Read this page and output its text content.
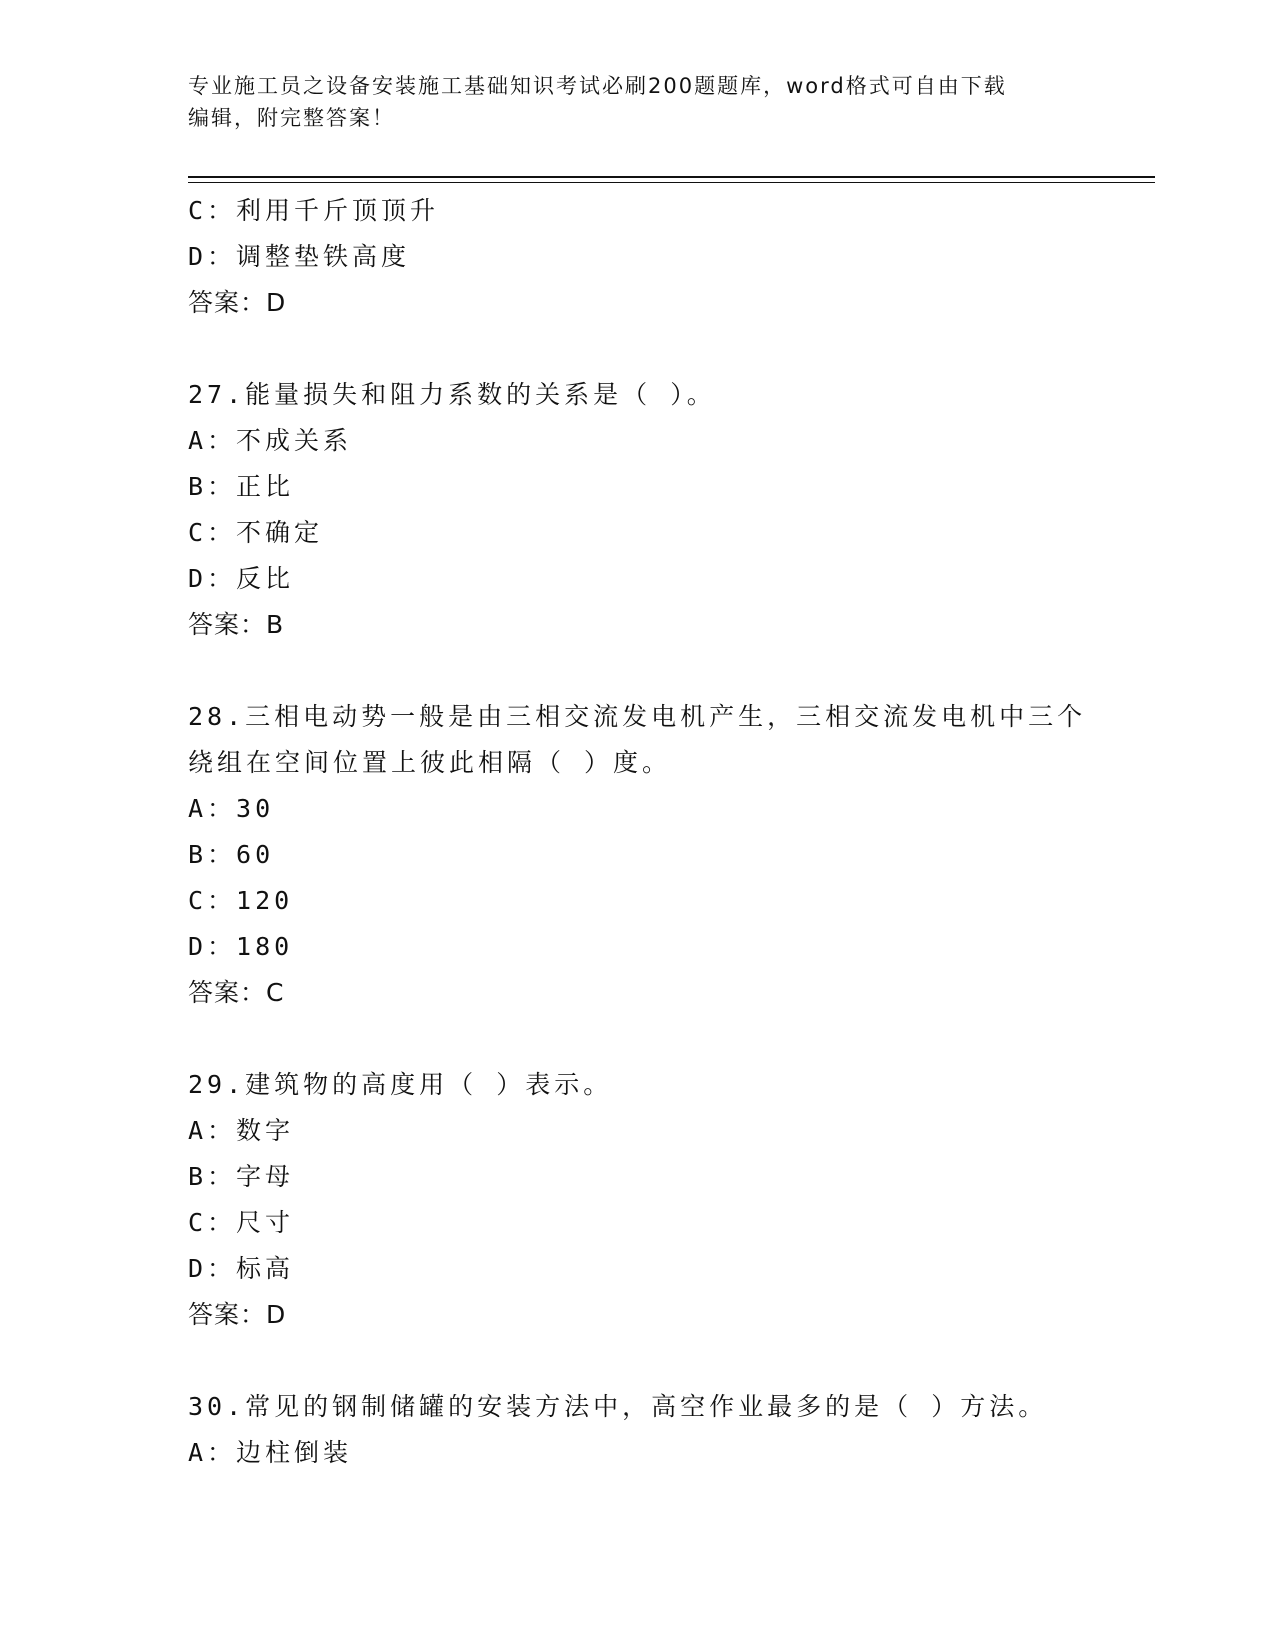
专业施工员之设备安装施工基础知识考试必刷200题题库，word格式可自由下载
编辑，附完整答案！
C：利用千斤顶顶升
D：调整垫铁高度
答案：D
27.能量损失和阻力系数的关系是（ ）。
A：不成关系
B：正比
C：不确定
D：反比
答案：B
28.三相电动势一般是由三相交流发电机产生，三相交流发电机中三个
绕组在空间位置上彼此相隔（ ）度。
A：30
B：60
C：120
D：180
答案：C
29.建筑物的高度用（ ）表示。
A：数字
B：字母
C：尺寸
D：标高
答案：D
30.常见的钢制储罐的安装方法中，高空作业最多的是（ ）方法。
A：边柱倒装
